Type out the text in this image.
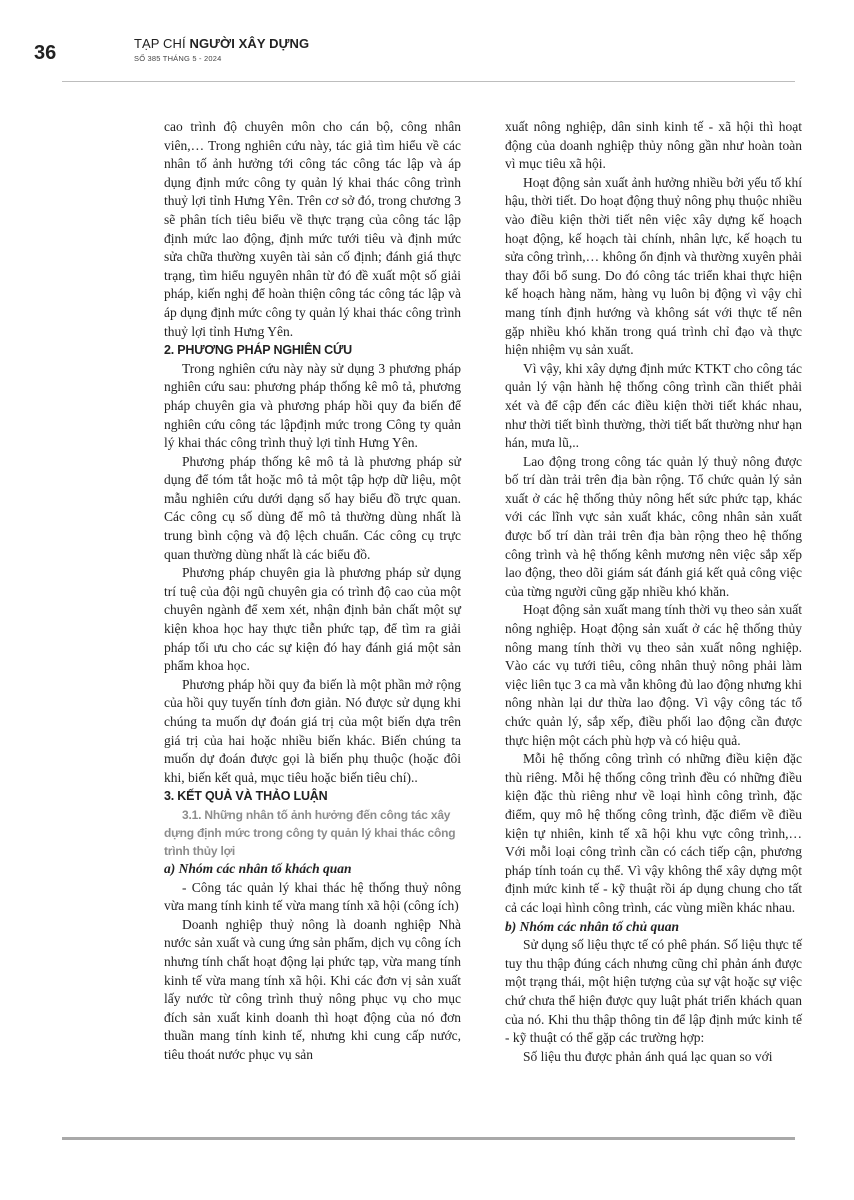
36	TẠP CHÍ NGƯỜI XÂY DỰNG
SỐ 385 THÁNG 5 - 2024

cao trình độ chuyên môn cho cán bộ, công nhân viên,… Trong nghiên cứu này, tác giả tìm hiểu về các nhân tố ảnh hưởng tới công tác công tác lập và áp dụng định mức công ty quản lý khai thác công trình thuỷ lợi tỉnh Hưng Yên. Trên cơ sở đó, trong chương 3 sẽ phân tích tiêu biểu về thực trạng của công tác lập định mức lao động, định mức tưới tiêu và định mức sửa chữa thường xuyên tài sản cố định; đánh giá thực trạng, tìm hiểu nguyên nhân từ đó đề xuất một số giải pháp, kiến nghị để hoàn thiện công tác công tác lập và áp dụng định mức công ty quản lý khai thác công trình thuỷ lợi tỉnh Hưng Yên.

2. PHƯƠNG PHÁP NGHIÊN CỨU

Trong nghiên cứu này này sử dụng 3 phương pháp nghiên cứu sau: phương pháp thống kê mô tả, phương pháp chuyên gia và phương pháp hồi quy đa biến để nghiên cứu công tác lậpđịnh mức trong Công ty quản lý khai thác công trình thuỷ lợi tỉnh Hưng Yên.

Phương pháp thống kê mô tả là phương pháp sử dụng để tóm tắt hoặc mô tả một tập hợp dữ liệu, một mẫu nghiên cứu dưới dạng số hay biểu đồ trực quan. Các công cụ số dùng để mô tả thường dùng nhất là trung bình cộng và độ lệch chuẩn. Các công cụ trực quan thường dùng nhất là các biểu đồ.

Phương pháp chuyên gia là phương pháp sử dụng trí tuệ của đội ngũ chuyên gia có trình độ cao của một chuyên ngành để xem xét, nhận định bản chất một sự kiện khoa học hay thực tiễn phức tạp, để tìm ra giải pháp tối ưu cho các sự kiện đó hay đánh giá một sản phẩm khoa học.

Phương pháp hồi quy đa biến là một phần mở rộng của hồi quy tuyến tính đơn giản. Nó được sử dụng khi chúng ta muốn dự đoán giá trị của một biến dựa trên giá trị của hai hoặc nhiều biến khác. Biến chúng ta muốn dự đoán được gọi là biến phụ thuộc (hoặc đôi khi, biến kết quả, mục tiêu hoặc biến tiêu chí)..

3. KẾT QUẢ VÀ THẢO LUẬN

3.1. Những nhân tố ảnh hưởng đến công tác xây dựng định mức trong công ty quản lý khai thác công trình thủy lợi

a) Nhóm các nhân tố khách quan

- Công tác quản lý khai thác hệ thống thuỷ nông vừa mang tính kinh tế vừa mang tính xã hội (công ích)

Doanh nghiệp thuỷ nông là doanh nghiệp Nhà nước sản xuất và cung ứng sản phẩm, dịch vụ công ích nhưng tính chất hoạt động lại phức tạp, vừa mang tính kinh tế vừa mang tính xã hội. Khi các đơn vị sản xuất lấy nước từ công trình thuỷ nông phục vụ cho mục đích sản xuất kinh doanh thì hoạt động của nó đơn thuần mang tính kinh tế, nhưng khi cung cấp nước, tiêu thoát nước phục vụ sản

xuất nông nghiệp, dân sinh kinh tế - xã hội thì hoạt động của doanh nghiệp thủy nông gần như hoàn toàn vì mục tiêu xã hội.

Hoạt động sản xuất ảnh hưởng nhiều bởi yếu tố khí hậu, thời tiết. Do hoạt động thuỷ nông phụ thuộc nhiều vào điều kiện thời tiết nên việc xây dựng kế hoạch hoạt động, kế hoạch tài chính, nhân lực, kế hoạch tu sửa công trình,… không ổn định và thường xuyên phải thay đổi bổ sung. Do đó công tác triển khai thực hiện kế hoạch hàng năm, hàng vụ luôn bị động vì vậy chỉ mang tính định hướng và không sát với thực tế nên gặp nhiều khó khăn trong quá trình chỉ đạo và thực hiện nhiệm vụ sản xuất.

Vì vậy, khi xây dựng định mức KTKT cho công tác quản lý vận hành hệ thống công trình cần thiết phải xét và để cập đến các điều kiện thời tiết khác nhau, như thời tiết bình thường, thời tiết bất thường như hạn hán, mưa lũ,..

Lao động trong công tác quản lý thuỷ nông được bố trí dàn trải trên địa bàn rộng. Tổ chức quản lý sản xuất ở các hệ thống thủy nông hết sức phức tạp, khác với các lĩnh vực sản xuất khác, công nhân sản xuất được bố trí dàn trải trên địa bàn rộng theo hệ thống công trình và hệ thống kênh mương nên việc sắp xếp lao động, theo dõi giám sát đánh giá kết quả công việc của từng người cũng gặp nhiều khó khăn.

Hoạt động sản xuất mang tính thời vụ theo sản xuất nông nghiệp. Hoạt động sản xuất ở các hệ thống thủy nông mang tính thời vụ theo sản xuất nông nghiệp. Vào các vụ tưới tiêu, công nhân thuỷ nông phải làm việc liên tục 3 ca mà vẫn không đủ lao động nhưng khi nông nhàn lại dư thừa lao động. Vì vậy công tác tổ chức quản lý, sắp xếp, điều phối lao động cần được thực hiện một cách phù hợp và có hiệu quả.

Mỗi hệ thống công trình có những điều kiện đặc thù riêng. Mỗi hệ thống công trình đều có những điều kiện đặc thù riêng như về loại hình công trình, đặc điểm, quy mô hệ thống công trình, đặc điểm về điều kiện tự nhiên, kinh tế xã hội khu vực công trình,… Với mỗi loại công trình cần có cách tiếp cận, phương pháp tính toán cụ thể. Vì vậy không thể xây dựng một định mức kinh tế - kỹ thuật rồi áp dụng chung cho tất cả các loại hình công trình, các vùng miền khác nhau.

b) Nhóm các nhân tố chủ quan

Sử dụng số liệu thực tế có phê phán. Số liệu thực tế tuy thu thập đúng cách nhưng cũng chỉ phản ánh được một trạng thái, một hiện tượng của sự vật hoặc sự việc chứ chưa thể hiện được quy luật phát triển khách quan của nó. Khi thu thập thông tin để lập định mức kinh tế - kỹ thuật có thể gặp các trường hợp:

Số liệu thu được phản ánh quá lạc quan so với
